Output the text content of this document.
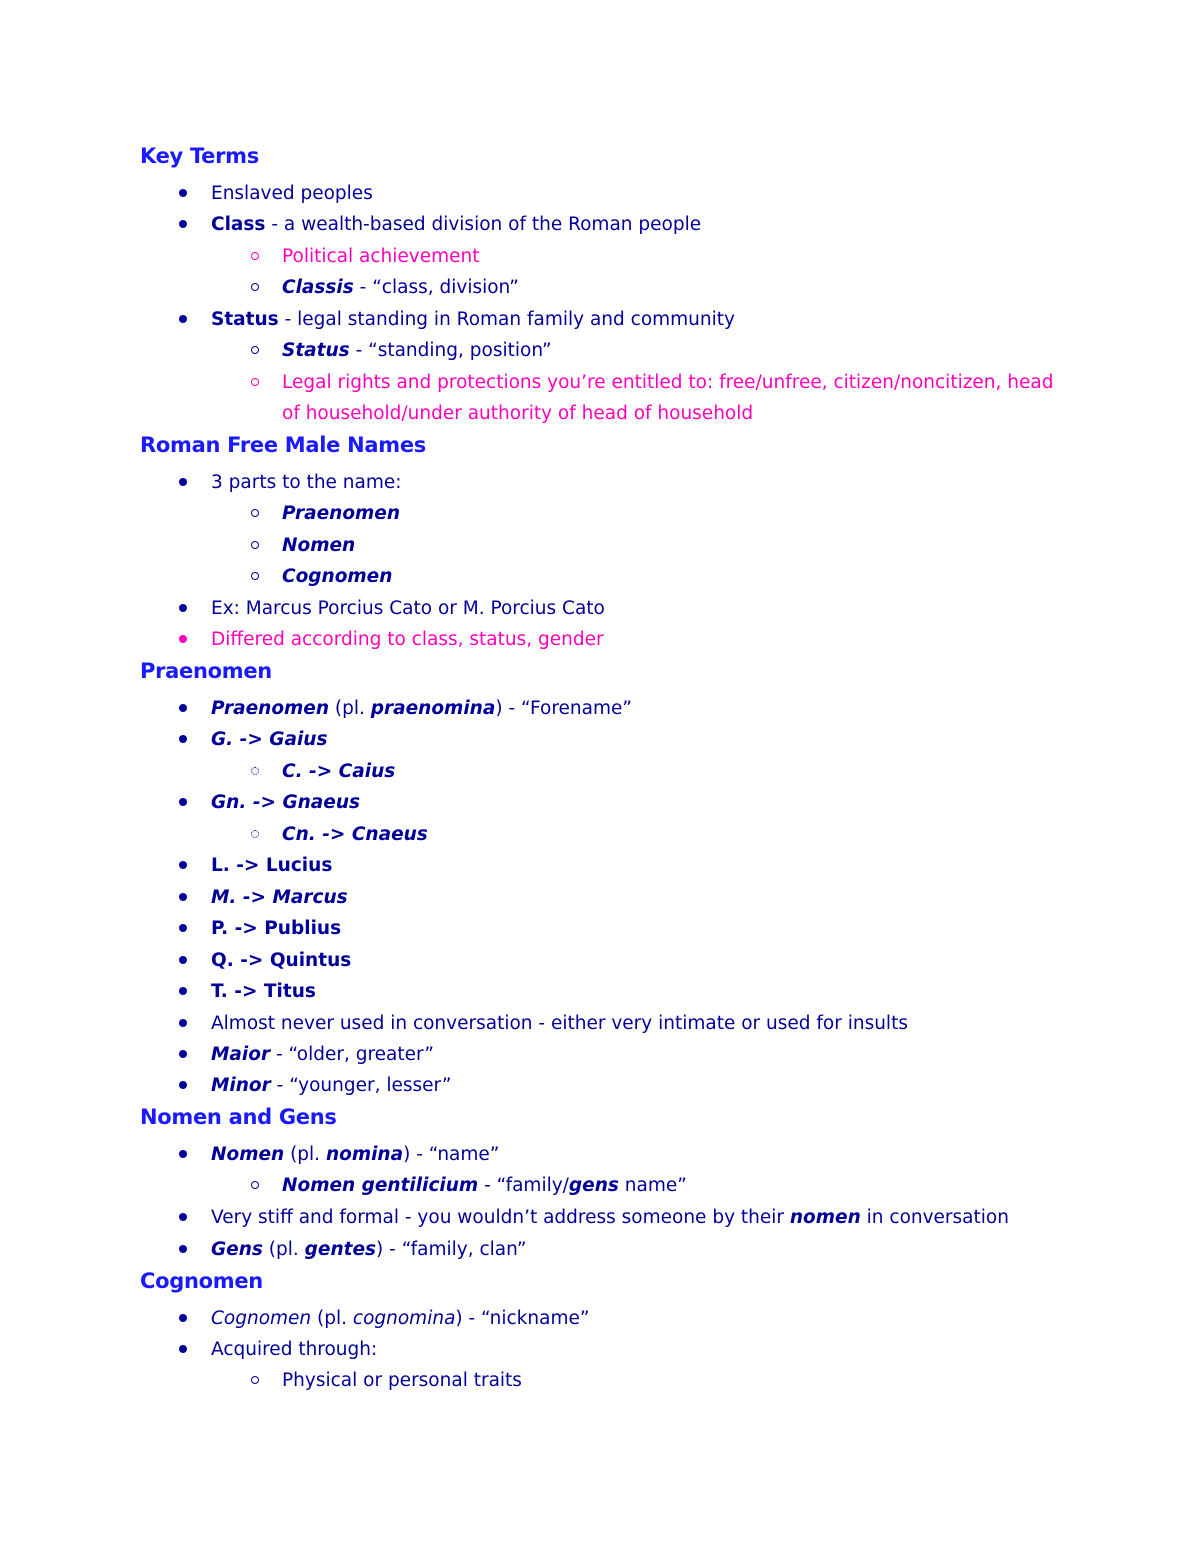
Key Terms
Enslaved peoples
Class - a wealth-based division of the Roman people
Political achievement
Classis - “class, division”
Status - legal standing in Roman family and community
Status - “standing, position”
Legal rights and protections you’re entitled to: free/unfree, citizen/noncitizen, head
of household/under authority of head of household
Roman Free Male Names
3 parts to the name:
Praenomen
Nomen
Cognomen
Ex: Marcus Porcius Cato or M. Porcius Cato
Differed according to class, status, gender
Praenomen
Praenomen (pl. praenomina) - “Forename”
G. -> Gaius
C. -> Caius
Gn. -> Gnaeus
Cn. -> Cnaeus
L. -> Lucius
M. -> Marcus
P. -> Publius
Q. -> Quintus
T. -> Titus
Almost never used in conversation - either very intimate or used for insults
Maior - “older, greater”
Minor - “younger, lesser”
Nomen and Gens
Nomen (pl. nomina) - “name”
Nomen gentilicium - “family/gens name”
Very stiff and formal - you wouldn’t address someone by their nomen in conversation
Gens (pl. gentes) - “family, clan”
Cognomen
Cognomen (pl. cognomina) - “nickname”
Acquired through:
Physical or personal traits
